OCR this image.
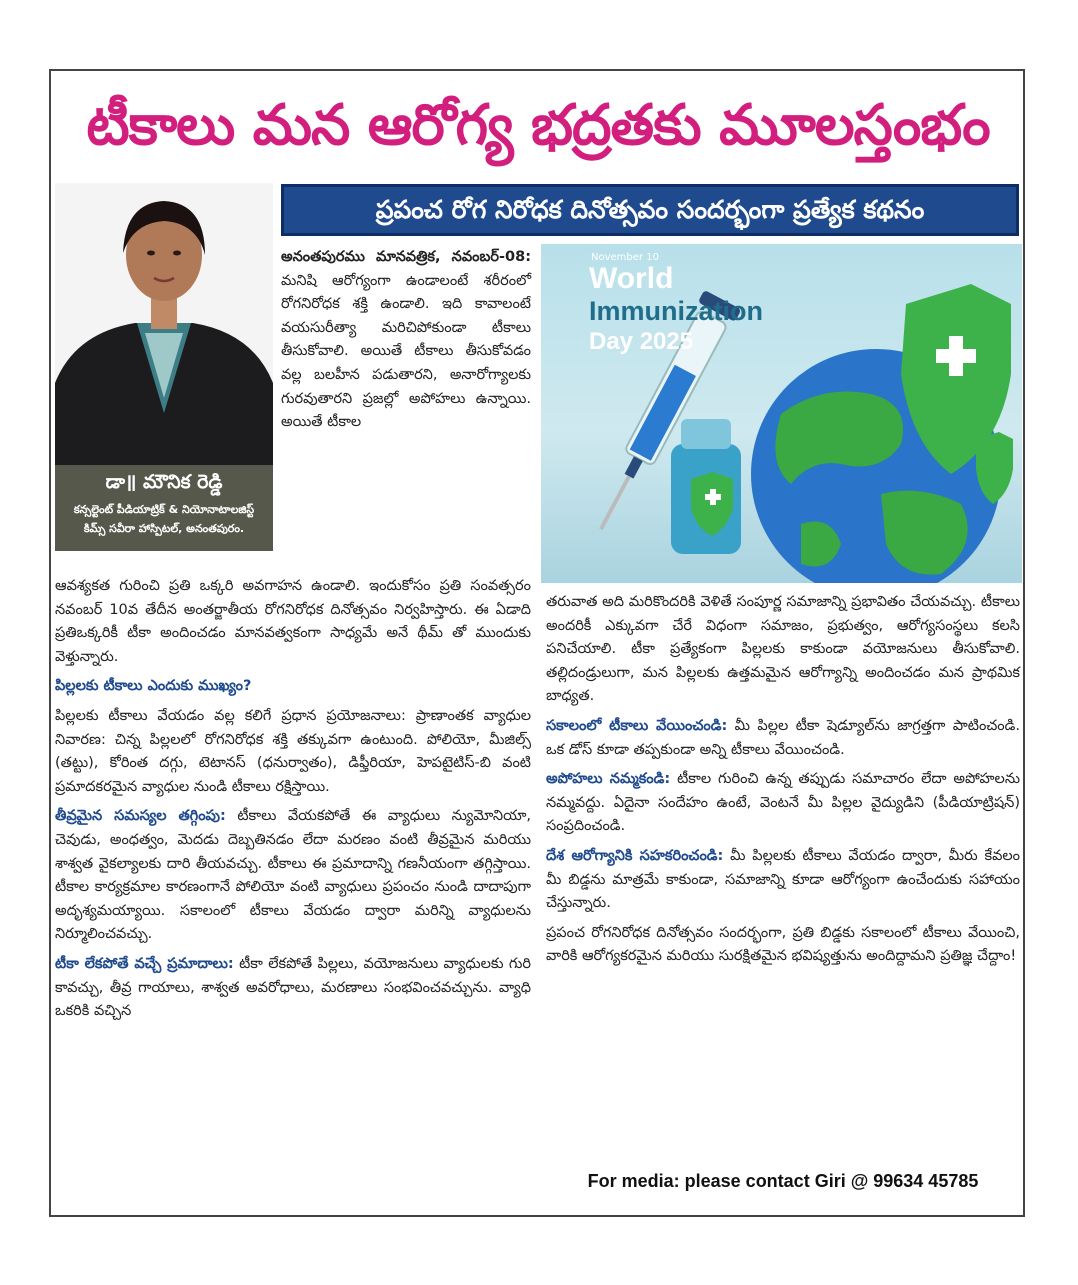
టీకాలు మన ఆరోగ్య భద్రతకు మూలస్తంభం
డా॥ మౌనిక రెడ్డి
కన్సల్టెంట్ పీడియాట్రిక్ & నియోనాటాలజిస్ట్
కిమ్స్ సవీరా హాస్పిటల్, అనంతపురం.
ప్రపంచ రోగ నిరోధక దినోత్సవం సందర్భంగా ప్రత్యేక కథనం

అనంతపురము మానవత్రిక, నవంబర్-08: మనిషి ఆరోగ్యంగా ఉండాలంటే శరీరంలో రోగనిరోధక శక్తి ఉండాలి. ఇది కావాలంటే వయసురీత్యా మరిచిపోకుండా టీకాలు తీసుకోవాలి. అయితే టీకాలు తీసుకోవడం వల్ల బలహీన పడుతారని, అనారోగ్యాలకు గురవుతారని ప్రజల్లో అపోహలు ఉన్నాయి. అయితే టీకాల

November 10
World
Immunization
Day 2025

ఆవశ్యకత గురించి ప్రతి ఒక్కరి అవగాహన ఉండాలి. ఇందుకోసం ప్రతి సంవత్సరం నవంబర్ 10వ తేదీన అంతర్జాతీయ రోగనిరోధక దినోత్సవం నిర్వహిస్తారు. ఈ ఏడాది ప్రతిఒక్కరికీ టీకా అందించడం మానవత్వకంగా సాధ్యమే అనే థీమ్ తో ముందుకు వెళ్తున్నారు.

పిల్లలకు టీకాలు ఎందుకు ముఖ్యం?

పిల్లలకు టీకాలు వేయడం వల్ల కలిగే ప్రధాన ప్రయోజనాలు: ప్రాణాంతక వ్యాధుల నివారణ: చిన్న పిల్లలలో రోగనిరోధక శక్తి తక్కువగా ఉంటుంది. పోలియో, మీజిల్స్ (తట్టు), కోరింత దగ్గు, టెటానస్ (ధనుర్వాతం), డిఫ్తీరియా, హెపటైటిస్-బి వంటి ప్రమాదకరమైన వ్యాధుల నుండి టీకాలు రక్షిస్తాయి.

తీవ్రమైన సమస్యల తగ్గింపు: టీకాలు వేయకపోతే ఈ వ్యాధులు న్యుమోనియా, చెవుడు, అంధత్వం, మెదడు దెబ్బతినడం లేదా మరణం వంటి తీవ్రమైన మరియు శాశ్వత వైకల్యాలకు దారి తీయవచ్చు. టీకాలు ఈ ప్రమాదాన్ని గణనీయంగా తగ్గిస్తాయి. టీకాల కార్యక్రమాల కారణంగానే పోలియో వంటి వ్యాధులు ప్రపంచం నుండి దాదాపుగా అదృశ్యమయ్యాయి. సకాలంలో టీకాలు వేయడం ద్వారా మరిన్ని వ్యాధులను నిర్మూలించవచ్చు.

టీకా లేకపోతే వచ్చే ప్రమాదాలు: టీకా లేకపోతే పిల్లలు, వయోజనులు వ్యాధులకు గురి కావచ్చు, తీవ్ర గాయాలు, శాశ్వత అవరోధాలు, మరణాలు సంభవించవచ్చును. వ్యాధి ఒకరికి వచ్చిన

తరువాత అది మరికొందరికి వెళితే సంపూర్ణ సమాజాన్ని ప్రభావితం చేయవచ్చు. టీకాలు అందరికీ ఎక్కువగా చేరే విధంగా సమాజం, ప్రభుత్వం, ఆరోగ్యసంస్థలు కలసి పనిచేయాలి. టీకా ప్రత్యేకంగా పిల్లలకు కాకుండా వయోజనులు తీసుకోవాలి. తల్లిదండ్రులుగా, మన పిల్లలకు ఉత్తమమైన ఆరోగ్యాన్ని అందించడం మన ప్రాథమిక బాధ్యత.

సకాలంలో టీకాలు వేయించండి: మీ పిల్లల టీకా షెడ్యూల్‌ను జాగ్రత్తగా పాటించండి. ఒక డోస్ కూడా తప్పకుండా అన్ని టీకాలు వేయించండి.

అపోహలు నమ్మకండి: టీకాల గురించి ఉన్న తప్పుడు సమాచారం లేదా అపోహలను నమ్మవద్దు. ఏదైనా సందేహం ఉంటే, వెంటనే మీ పిల్లల వైద్యుడిని (పీడియాట్రిషన్) సంప్రదించండి.

దేశ ఆరోగ్యానికి సహకరించండి: మీ పిల్లలకు టీకాలు వేయడం ద్వారా, మీరు కేవలం మీ బిడ్డను మాత్రమే కాకుండా, సమాజాన్ని కూడా ఆరోగ్యంగా ఉంచేందుకు సహాయం చేస్తున్నారు.

ప్రపంచ రోగనిరోధక దినోత్సవం సందర్భంగా, ప్రతి బిడ్డకు సకాలంలో టీకాలు వేయించి, వారికి ఆరోగ్యకరమైన మరియు సురక్షితమైన భవిష్యత్తును అందిద్దామని ప్రతిజ్ఞ చేద్దాం!

For media: please contact Giri @ 99634 45785
